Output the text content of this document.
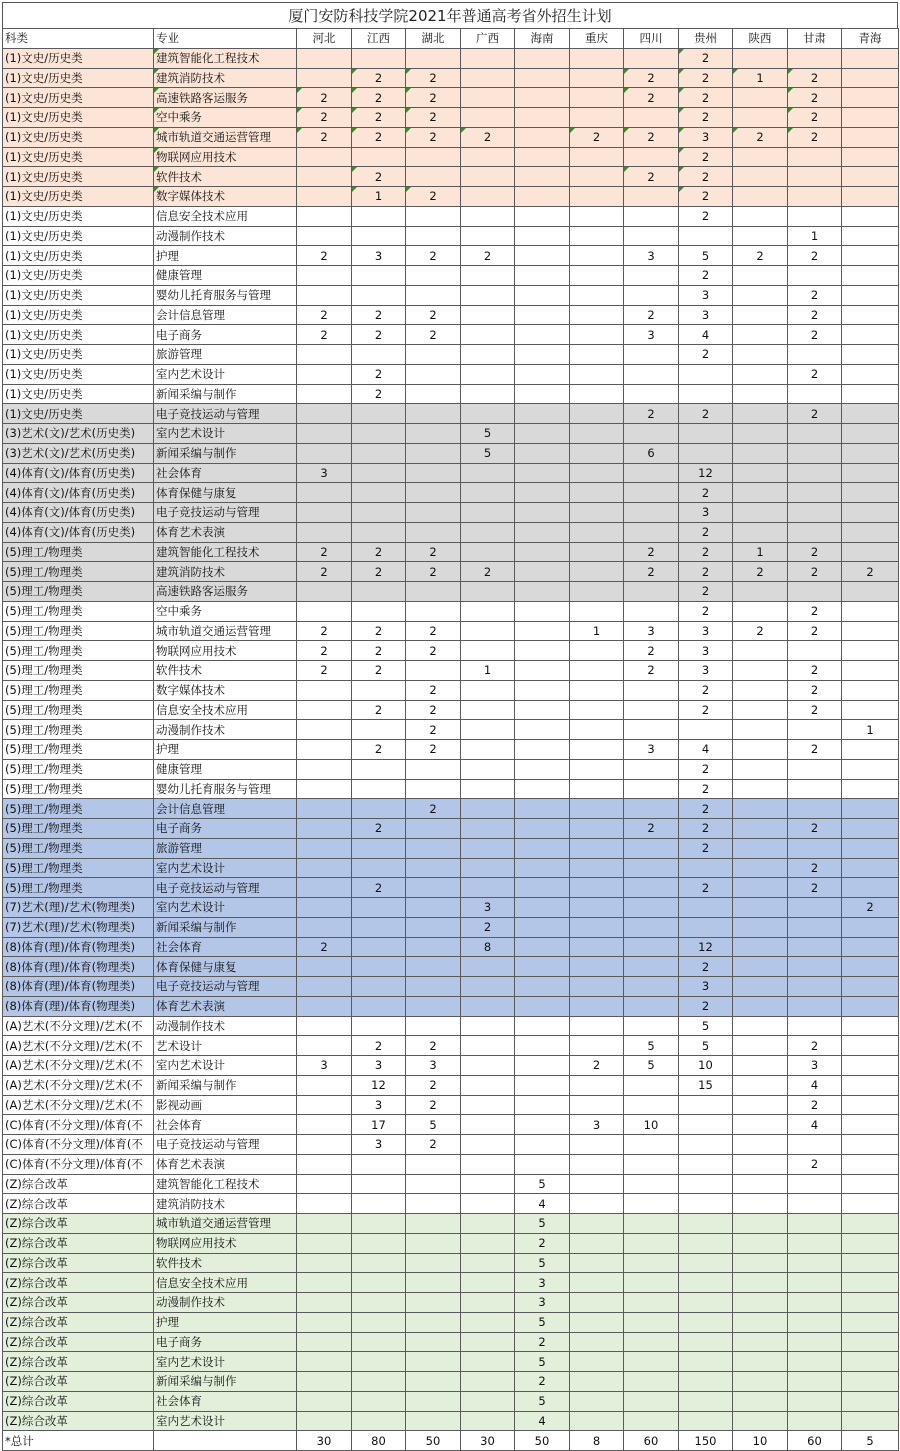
厦门安防科技学院2021年普通高考省外招生计划
科类	专业	河北	江西	湖北	广西	海南	重庆	四川	贵州	陕西	甘肃	青海
(1)文史/历史类	建筑智能化工程技术								2			
(1)文史/历史类	建筑消防技术		2	2				2	2	1	2	
(1)文史/历史类	高速铁路客运服务	2	2	2				2	2		2	
(1)文史/历史类	空中乘务	2	2	2					2		2	
(1)文史/历史类	城市轨道交通运营管理	2	2	2	2		2	2	3	2	2	
(1)文史/历史类	物联网应用技术								2			
(1)文史/历史类	软件技术		2					2	2			
(1)文史/历史类	数字媒体技术		1	2					2			
(1)文史/历史类	信息安全技术应用								2			
(1)文史/历史类	动漫制作技术										1	
(1)文史/历史类	护理	2	3	2	2			3	5	2	2	
(1)文史/历史类	健康管理								2			
(1)文史/历史类	婴幼儿托育服务与管理								3		2	
(1)文史/历史类	会计信息管理	2	2	2				2	3		2	
(1)文史/历史类	电子商务	2	2	2				3	4		2	
(1)文史/历史类	旅游管理								2			
(1)文史/历史类	室内艺术设计		2								2	
(1)文史/历史类	新闻采编与制作		2									
(1)文史/历史类	电子竞技运动与管理							2	2		2	
(3)艺术(文)/艺术(历史类)	室内艺术设计				5							
(3)艺术(文)/艺术(历史类)	新闻采编与制作				5			6				
(4)体育(文)/体育(历史类)	社会体育	3							12			
(4)体育(文)/体育(历史类)	体育保健与康复								2			
(4)体育(文)/体育(历史类)	电子竞技运动与管理								3			
(4)体育(文)/体育(历史类)	体育艺术表演								2			
(5)理工/物理类	建筑智能化工程技术	2	2	2				2	2	1	2	
(5)理工/物理类	建筑消防技术	2	2	2	2			2	2	2	2	2
(5)理工/物理类	高速铁路客运服务								2			
(5)理工/物理类	空中乘务								2		2	
(5)理工/物理类	城市轨道交通运营管理	2	2	2			1	3	3	2	2	
(5)理工/物理类	物联网应用技术	2	2	2				2	3			
(5)理工/物理类	软件技术	2	2		1			2	3		2	
(5)理工/物理类	数字媒体技术			2					2		2	
(5)理工/物理类	信息安全技术应用		2	2					2		2	
(5)理工/物理类	动漫制作技术			2								1
(5)理工/物理类	护理		2	2				3	4		2	
(5)理工/物理类	健康管理								2			
(5)理工/物理类	婴幼儿托育服务与管理								2			
(5)理工/物理类	会计信息管理			2					2			
(5)理工/物理类	电子商务		2					2	2		2	
(5)理工/物理类	旅游管理								2			
(5)理工/物理类	室内艺术设计										2	
(5)理工/物理类	电子竞技运动与管理		2						2		2	
(7)艺术(理)/艺术(物理类)	室内艺术设计				3							2
(7)艺术(理)/艺术(物理类)	新闻采编与制作				2							
(8)体育(理)/体育(物理类)	社会体育	2			8				12			
(8)体育(理)/体育(物理类)	体育保健与康复								2			
(8)体育(理)/体育(物理类)	电子竞技运动与管理								3			
(8)体育(理)/体育(物理类)	体育艺术表演								2			
(A)艺术(不分文理)/艺术(不	动漫制作技术								5			
(A)艺术(不分文理)/艺术(不	艺术设计		2	2				5	5		2	
(A)艺术(不分文理)/艺术(不	室内艺术设计	3	3	3			2	5	10		3	
(A)艺术(不分文理)/艺术(不	新闻采编与制作		12	2					15		4	
(A)艺术(不分文理)/艺术(不	影视动画		3	2							2	
(C)体育(不分文理)/体育(不	社会体育		17	5			3	10			4	
(C)体育(不分文理)/体育(不	电子竞技运动与管理		3	2								
(C)体育(不分文理)/体育(不	体育艺术表演										2	
(Z)综合改革	建筑智能化工程技术					5						
(Z)综合改革	建筑消防技术					4						
(Z)综合改革	城市轨道交通运营管理					5						
(Z)综合改革	物联网应用技术					2						
(Z)综合改革	软件技术					5						
(Z)综合改革	信息安全技术应用					3						
(Z)综合改革	动漫制作技术					3						
(Z)综合改革	护理					5						
(Z)综合改革	电子商务					2						
(Z)综合改革	室内艺术设计					5						
(Z)综合改革	新闻采编与制作					2						
(Z)综合改革	社会体育					5						
(Z)综合改革	室内艺术设计					4						
*总计		30	80	50	30	50	8	60	150	10	60	5
